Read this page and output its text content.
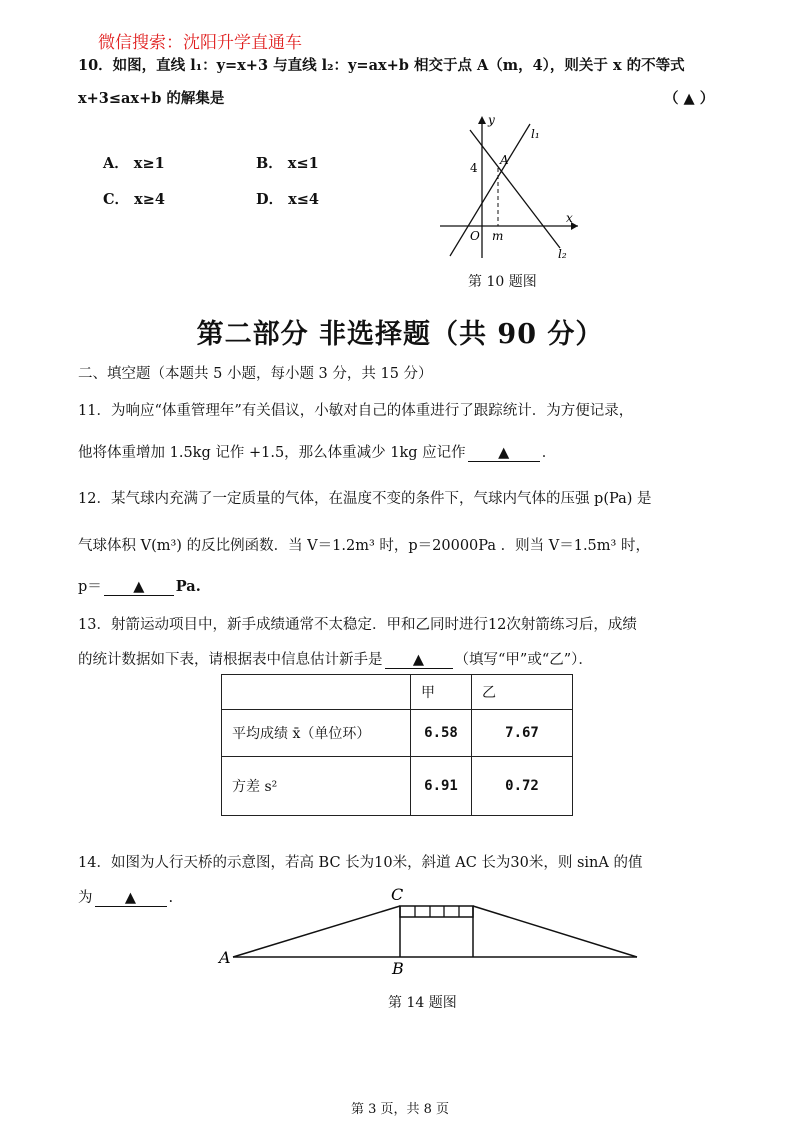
微信搜索：沈阳升学直通车
10．如图，直线 l₁：y=x+3 与直线 l₂：y=ax+b 相交于点 A（m，4），则关于 x 的不等式
x+3≤ax+b 的解集是	（ ▲ ）
A． x≥1	B． x≤1
C． x≥4	D． x≤4
y
x
l₁
l₂
4
A
O m
第 10 题图
第二部分 非选择题（共 90 分）
二、填空题（本题共 5 小题，每小题 3 分，共 15 分）
11．为响应“体重管理年”有关倡议，小敏对自己的体重进行了跟踪统计．为方便记录，
他将体重增加 1.5kg 记作 +1.5，那么体重减少 1kg 应记作 ▲ ．
12．某气球内充满了一定质量的气体，在温度不变的条件下，气球内气体的压强 p(Pa) 是
气球体积 V(m³) 的反比例函数．当 V＝1.2m³ 时，p＝20000Pa ．则当 V＝1.5m³ 时，
p＝ ▲ Pa.
13．射箭运动项目中，新手成绩通常不太稳定．甲和乙同时进行12次射箭练习后，成绩
的统计数据如下表，请根据表中信息估计新手是 ▲ （填写“甲”或“乙”）．
	甲	乙
平均成绩 x̄（单位环）	6.58	7.67
方差 s²	6.91	0.72
14．如图为人行天桥的示意图，若高 BC 长为10米，斜道 AC 长为30米，则 sinA 的值
为 ▲ .
A
B
C
第 14 题图
第 3 页，共 8 页
